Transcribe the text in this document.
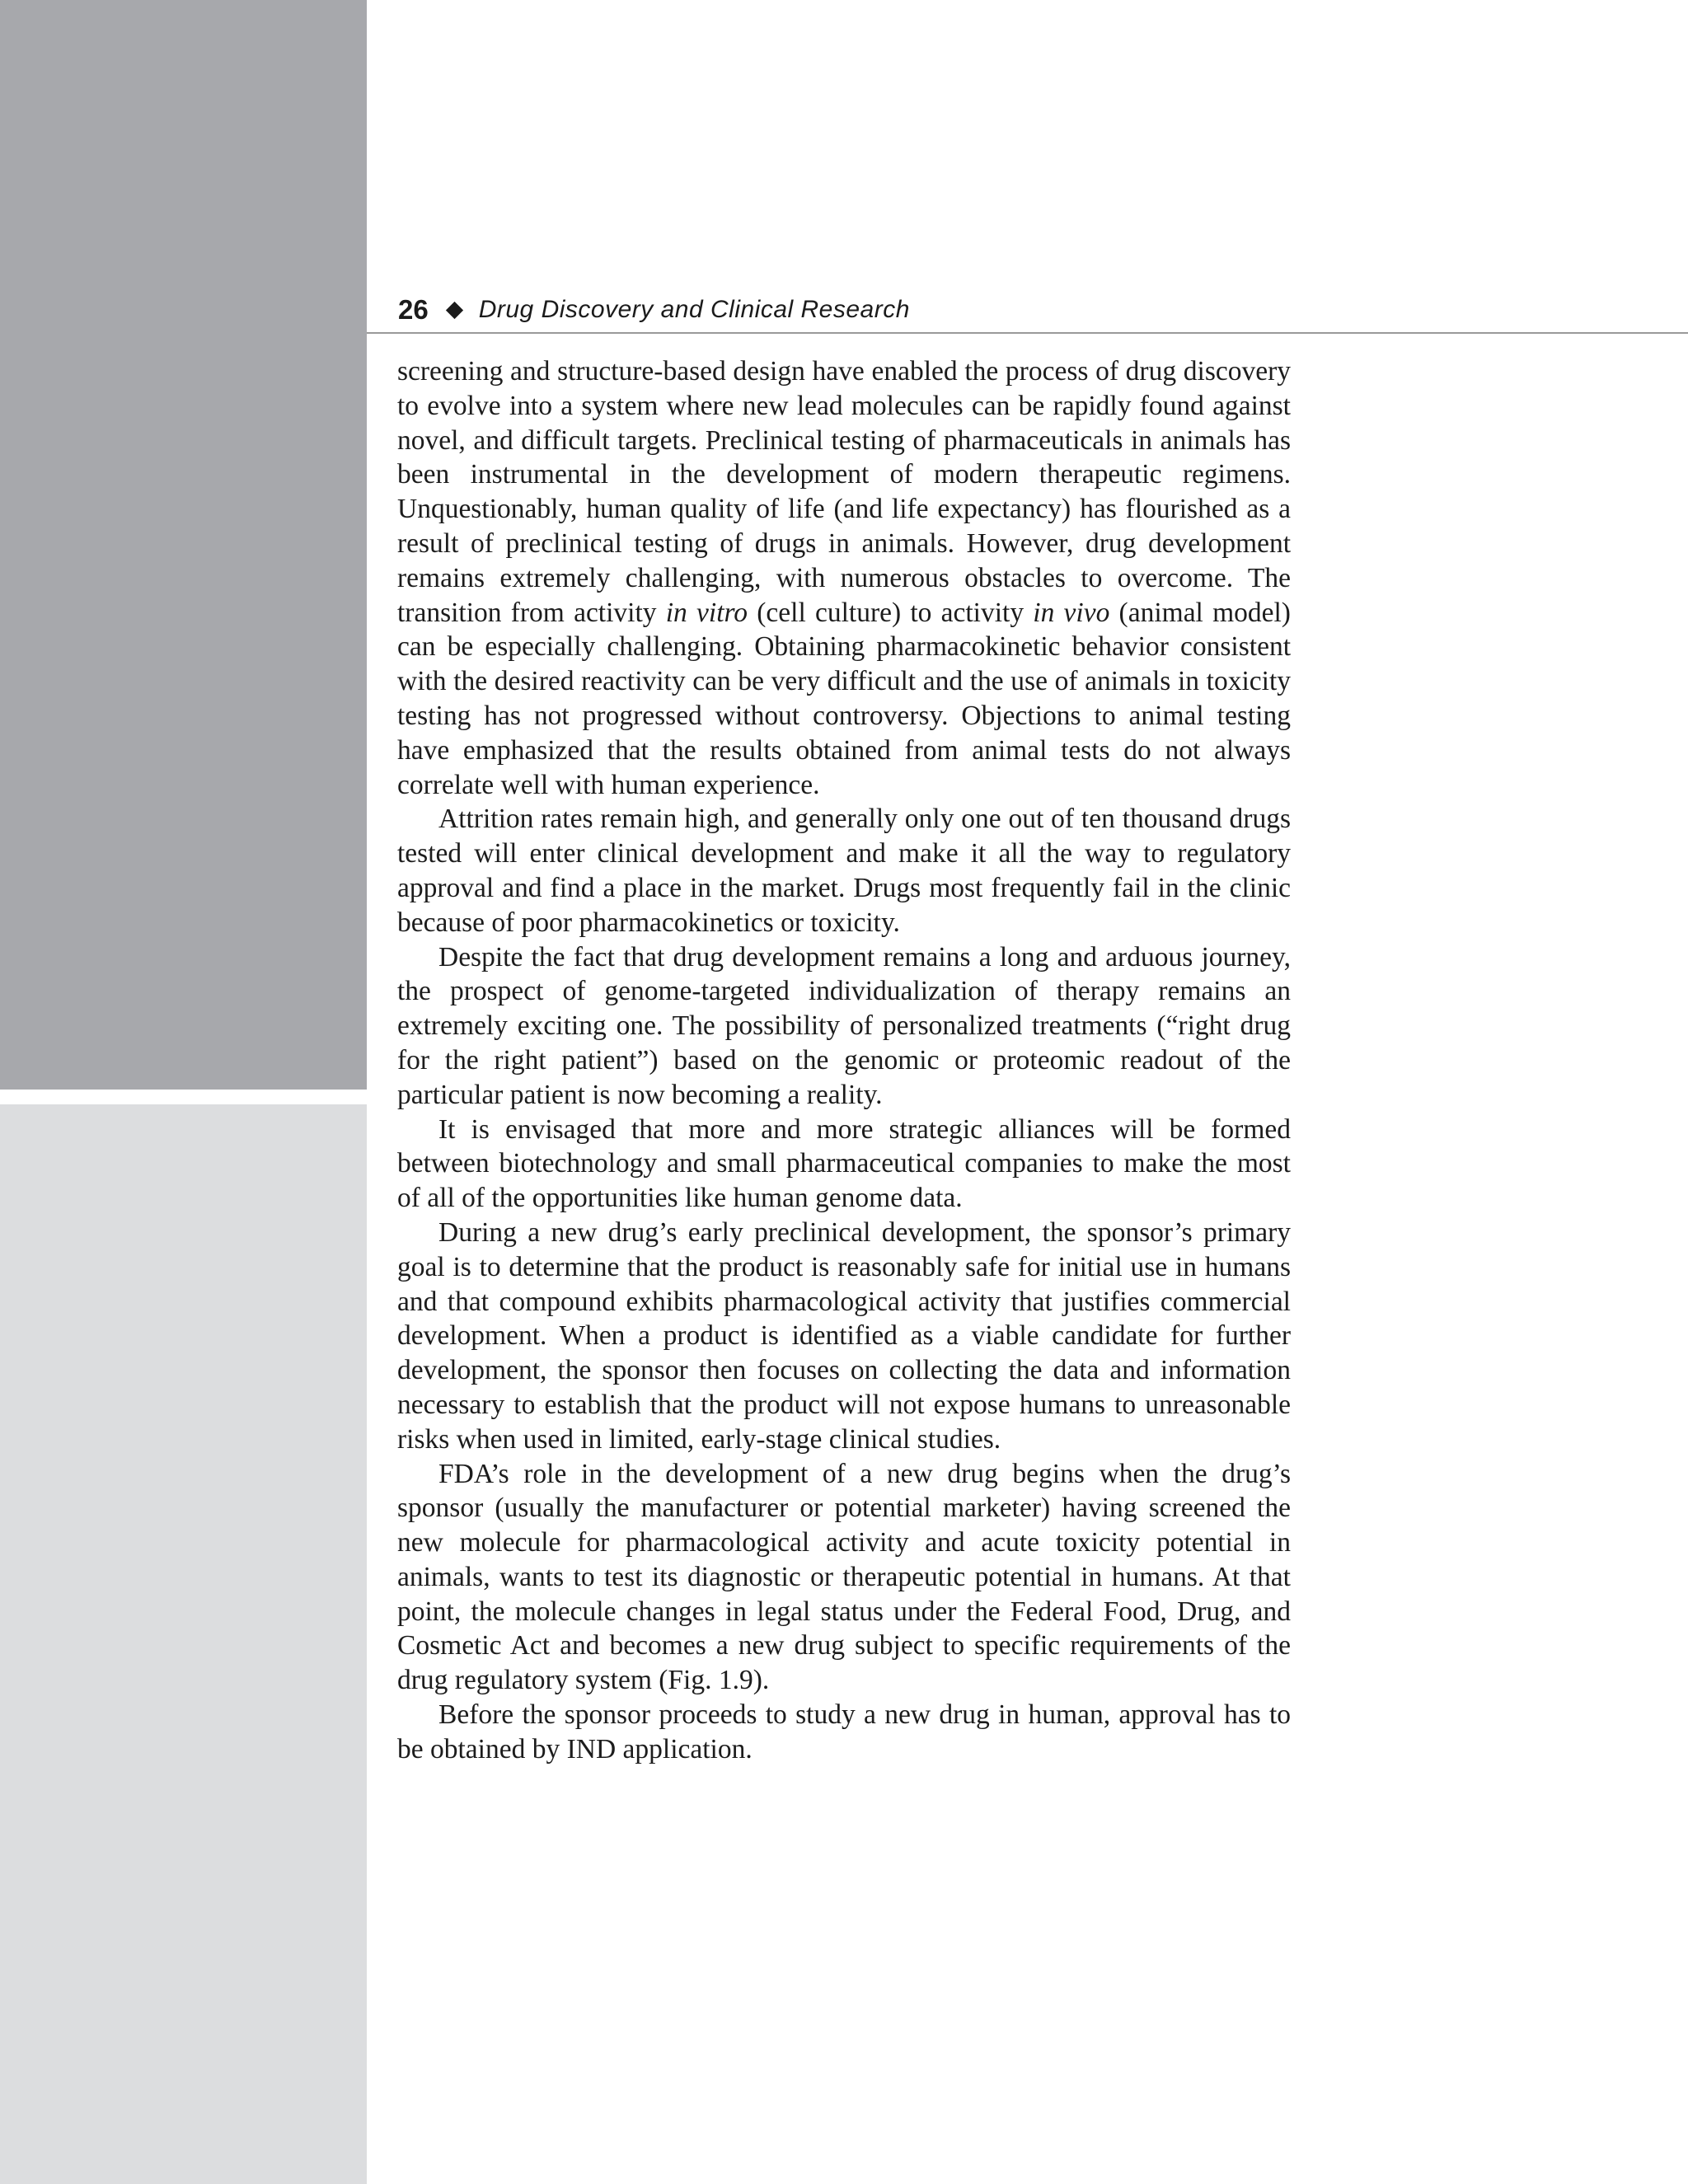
26 Drug Discovery and Clinical Research

screening and structure-based design have enabled the process of drug discovery to evolve into a system where new lead molecules can be rapidly found against novel, and difficult targets. Preclinical testing of pharmaceuticals in animals has been instrumental in the development of modern therapeutic regimens. Unquestionably, human quality of life (and life expectancy) has flourished as a result of preclinical testing of drugs in animals. However, drug development remains extremely challenging, with numerous obstacles to overcome. The transition from activity in vitro (cell culture) to activity in vivo (animal model) can be especially challenging. Obtaining pharmacokinetic behavior consistent with the desired reactivity can be very difficult and the use of animals in toxicity testing has not progressed without controversy. Objections to animal testing have emphasized that the results obtained from animal tests do not always correlate well with human experience.

Attrition rates remain high, and generally only one out of ten thousand drugs tested will enter clinical development and make it all the way to regulatory approval and find a place in the market. Drugs most frequently fail in the clinic because of poor pharmacokinetics or toxicity.

Despite the fact that drug development remains a long and arduous journey, the prospect of genome-targeted individualization of therapy remains an extremely exciting one. The possibility of personalized treatments (“right drug for the right patient”) based on the genomic or proteomic readout of the particular patient is now becoming a reality.

It is envisaged that more and more strategic alliances will be formed between biotechnology and small pharmaceutical companies to make the most of all of the opportunities like human genome data.

During a new drug’s early preclinical development, the sponsor’s primary goal is to determine that the product is reasonably safe for initial use in humans and that compound exhibits pharmacological activity that justifies commercial development. When a product is identified as a viable candidate for further development, the sponsor then focuses on collecting the data and information necessary to establish that the product will not expose humans to unreasonable risks when used in limited, early-stage clinical studies.

FDA’s role in the development of a new drug begins when the drug’s sponsor (usually the manufacturer or potential marketer) having screened the new molecule for pharmacological activity and acute toxicity potential in animals, wants to test its diagnostic or therapeutic potential in humans. At that point, the molecule changes in legal status under the Federal Food, Drug, and Cosmetic Act and becomes a new drug subject to specific requirements of the drug regulatory system (Fig. 1.9).

Before the sponsor proceeds to study a new drug in human, approval has to be obtained by IND application.
